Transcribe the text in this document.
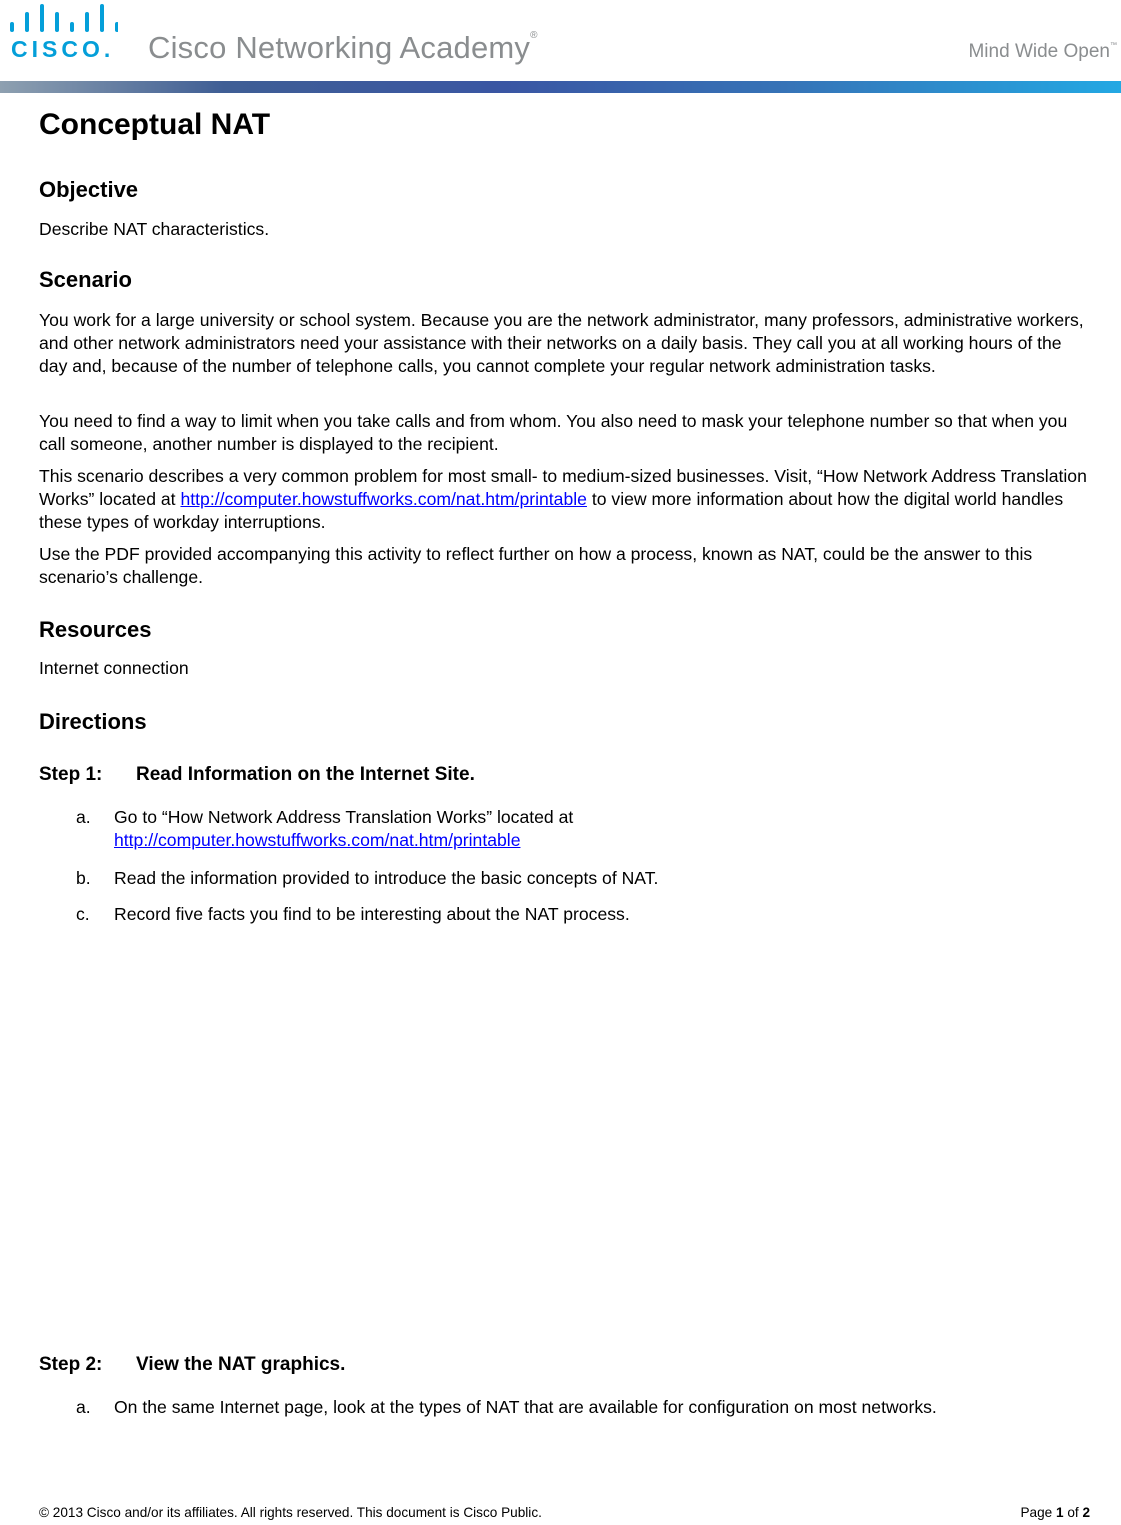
CISCO. Cisco Networking Academy®
Mind Wide Open™
Conceptual NAT
Objective

Describe NAT characteristics.

Scenario

You work for a large university or school system. Because you are the network administrator, many professors, administrative workers, and other network administrators need your assistance with their networks on a daily basis. They call you at all working hours of the day and, because of the number of telephone calls, you cannot complete your regular network administration tasks.

You need to find a way to limit when you take calls and from whom. You also need to mask your telephone number so that when you call someone, another number is displayed to the recipient.

This scenario describes a very common problem for most small- to medium-sized businesses. Visit, “How Network Address Translation Works” located at http://computer.howstuffworks.com/nat.htm/printable to view more information about how the digital world handles these types of workday interruptions.

Use the PDF provided accompanying this activity to reflect further on how a process, known as NAT, could be the answer to this scenario’s challenge.

Resources

Internet connection

Directions
Step 1: Read Information on the Internet Site.
a. Go to “How Network Address Translation Works” located at
http://computer.howstuffworks.com/nat.htm/printable
b. Read the information provided to introduce the basic concepts of NAT.
c. Record five facts you find to be interesting about the NAT process.
Step 2: View the NAT graphics.
a. On the same Internet page, look at the types of NAT that are available for configuration on most networks.
© 2013 Cisco and/or its affiliates. All rights reserved. This document is Cisco Public.	Page 1 of 2
